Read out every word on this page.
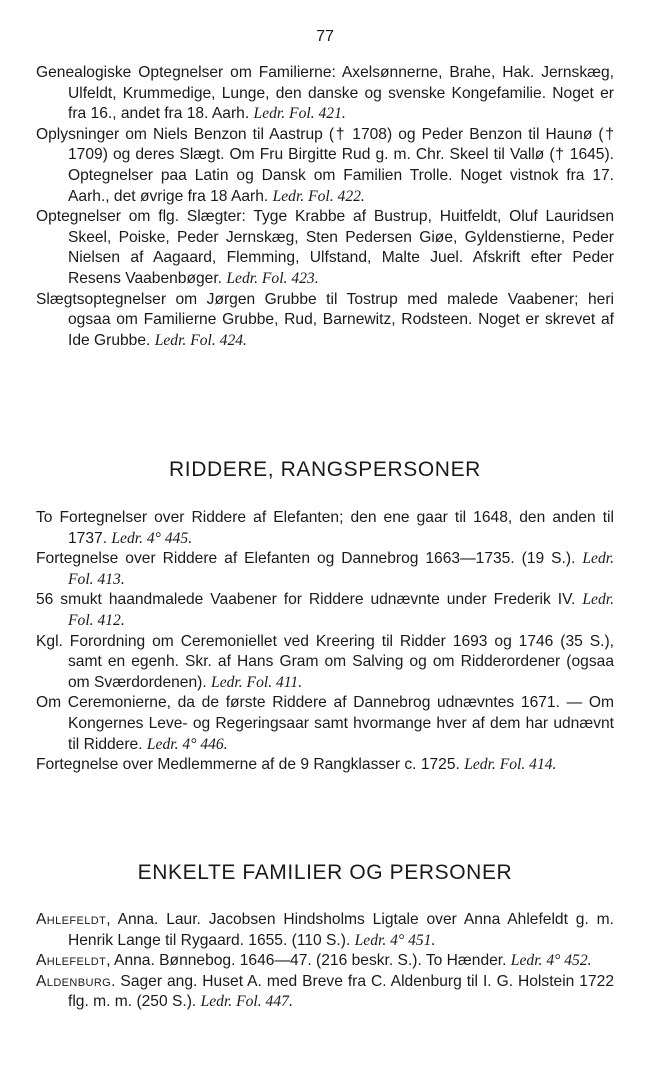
77

Genealogiske Optegnelser om Familierne: Axelsønnerne, Brahe, Hak. Jernskæg, Ulfeldt, Krummedige, Lunge, den danske og svenske Kongefamilie. Noget er fra 16., andet fra 18. Aarh. Ledr. Fol. 421.

Oplysninger om Niels Benzon til Aastrup († 1708) og Peder Benzon til Haunø († 1709) og deres Slægt. Om Fru Birgitte Rud g. m. Chr. Skeel til Vallø († 1645). Optegnelser paa Latin og Dansk om Familien Trolle. Noget vistnok fra 17. Aarh., det øvrige fra 18 Aarh. Ledr. Fol. 422.

Optegnelser om flg. Slægter: Tyge Krabbe af Bustrup, Huitfeldt, Oluf Lauridsen Skeel, Poiske, Peder Jernskæg, Sten Pedersen Giøe, Gyldenstierne, Peder Nielsen af Aagaard, Flemming, Ulfstand, Malte Juel. Afskrift efter Peder Resens Vaabenbøger. Ledr. Fol. 423.

Slægtsoptegnelser om Jørgen Grubbe til Tostrup med malede Vaabener; heri ogsaa om Familierne Grubbe, Rud, Barnewitz, Rodsteen. Noget er skrevet af Ide Grubbe. Ledr. Fol. 424.

RIDDERE, RANGSPERSONER

To Fortegnelser over Riddere af Elefanten; den ene gaar til 1648, den anden til 1737. Ledr. 4° 445.

Fortegnelse over Riddere af Elefanten og Dannebrog 1663—1735. (19 S.). Ledr. Fol. 413.

56 smukt haandmalede Vaabener for Riddere udnævnte under Frederik IV. Ledr. Fol. 412.

Kgl. Forordning om Ceremoniellet ved Kreering til Ridder 1693 og 1746 (35 S.), samt en egenh. Skr. af Hans Gram om Salving og om Ridderordener (ogsaa om Sværdordenen). Ledr. Fol. 411.

Om Ceremonierne, da de første Riddere af Dannebrog udnævntes 1671. — Om Kongernes Leve- og Regeringsaar samt hvormange hver af dem har udnævnt til Riddere. Ledr. 4° 446.

Fortegnelse over Medlemmerne af de 9 Rangklasser c. 1725. Ledr. Fol. 414.

ENKELTE FAMILIER OG PERSONER

Ahlefeldt, Anna. Laur. Jacobsen Hindsholms Ligtale over Anna Ahlefeldt g. m. Henrik Lange til Rygaard. 1655. (110 S.). Ledr. 4° 451.

Ahlefeldt, Anna. Bønnebog. 1646—47. (216 beskr. S.). To Hænder. Ledr. 4° 452.

Aldenburg. Sager ang. Huset A. med Breve fra C. Aldenburg til I. G. Holstein 1722 flg. m. m. (250 S.). Ledr. Fol. 447.
